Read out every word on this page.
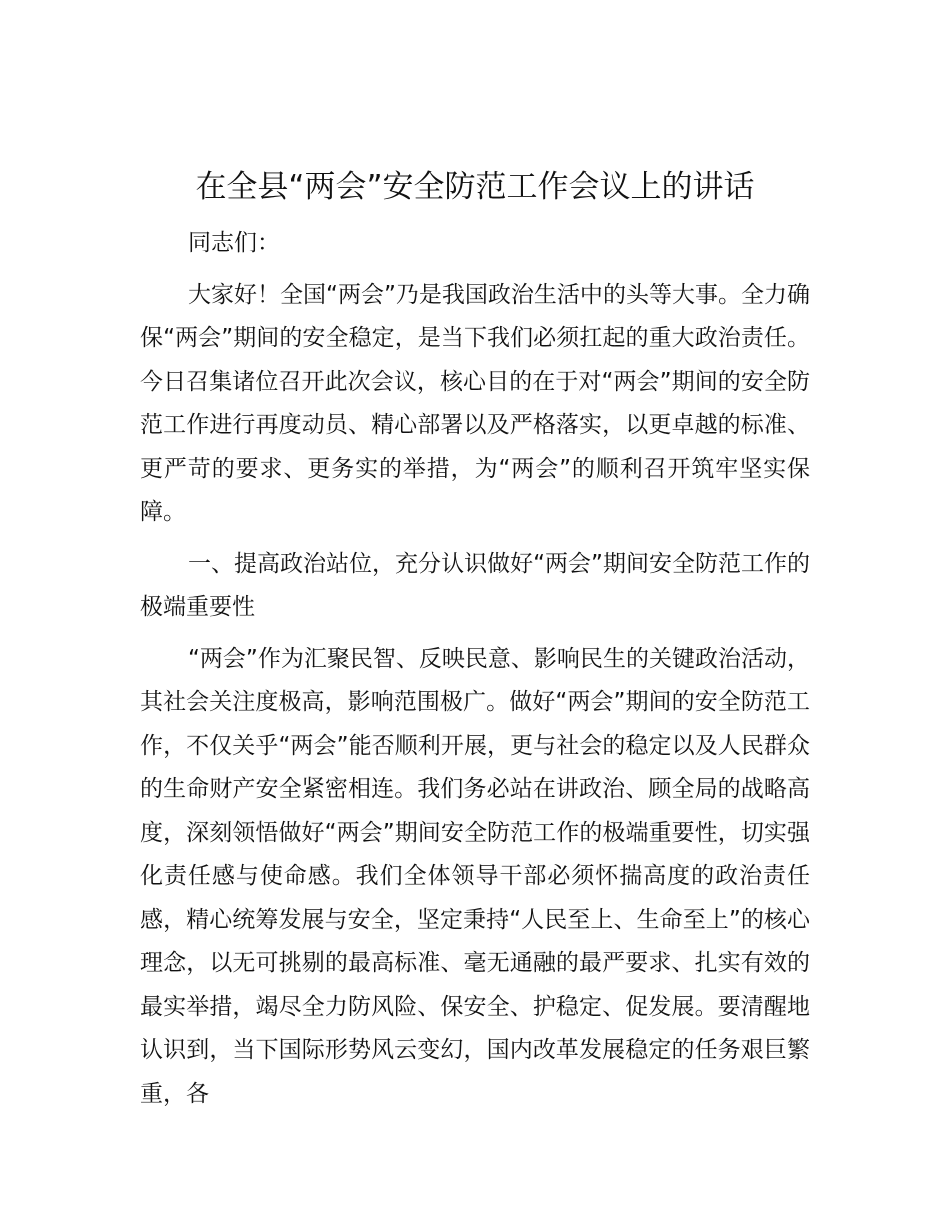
在全县“两会”安全防范工作会议上的讲话

同志们：

大家好！全国“两会”乃是我国政治生活中的头等大事。全力确保“两会”期间的安全稳定，是当下我们必须扛起的重大政治责任。今日召集诸位召开此次会议，核心目的在于对“两会”期间的安全防范工作进行再度动员、精心部署以及严格落实，以更卓越的标准、更严苛的要求、更务实的举措，为“两会”的顺利召开筑牢坚实保障。

一、提高政治站位，充分认识做好“两会”期间安全防范工作的极端重要性

“两会”作为汇聚民智、反映民意、影响民生的关键政治活动，其社会关注度极高，影响范围极广。做好“两会”期间的安全防范工作，不仅关乎“两会”能否顺利开展，更与社会的稳定以及人民群众的生命财产安全紧密相连。我们务必站在讲政治、顾全局的战略高度，深刻领悟做好“两会”期间安全防范工作的极端重要性，切实强化责任感与使命感。我们全体领导干部必须怀揣高度的政治责任感，精心统筹发展与安全，坚定秉持“人民至上、生命至上”的核心理念，以无可挑剔的最高标准、毫无通融的最严要求、扎实有效的最实举措，竭尽全力防风险、保安全、护稳定、促发展。要清醒地认识到，当下国际形势风云变幻，国内改革发展稳定的任务艰巨繁重，各
